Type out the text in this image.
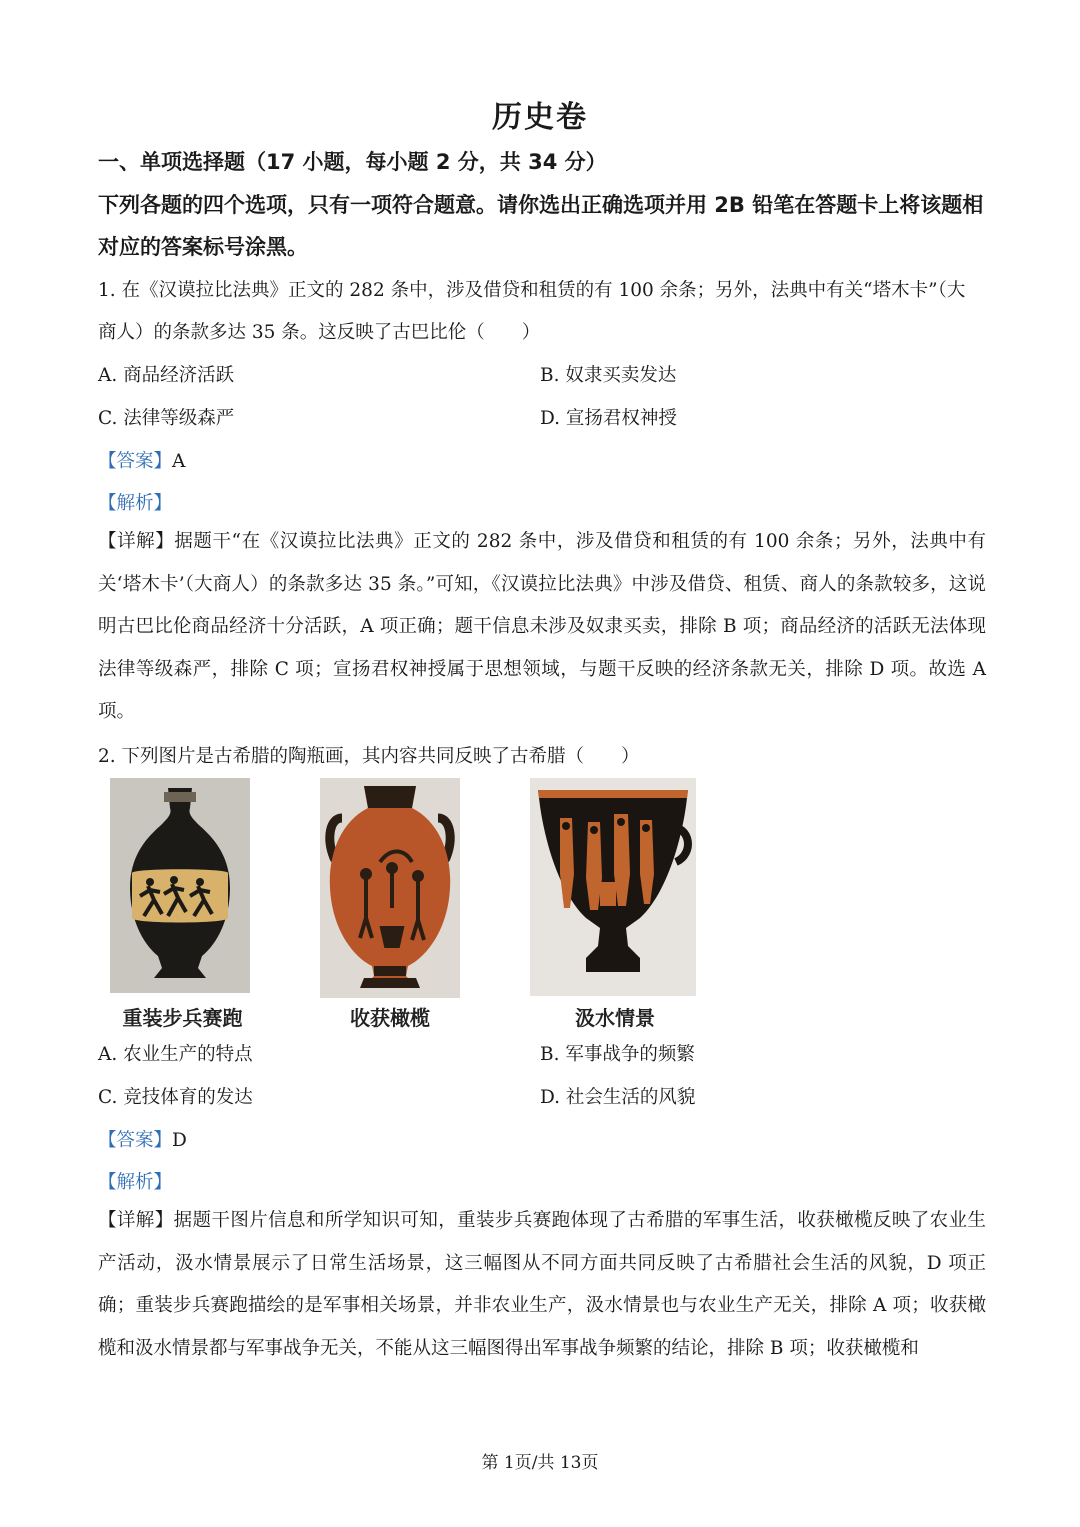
历史卷
一、单项选择题（17 小题，每小题 2 分，共 34 分）
下列各题的四个选项，只有一项符合题意。请你选出正确选项并用 2B 铅笔在答题卡上将该题相对应的答案标号涂黑。
1. 在《汉谟拉比法典》正文的 282 条中，涉及借贷和租赁的有 100 余条；另外，法典中有关“塔木卡”（大
商人）的条款多达 35 条。这反映了古巴比伦（　　）
A. 商品经济活跃	B. 奴隶买卖发达
C. 法律等级森严	D. 宣扬君权神授
【答案】A
【解析】
【详解】据题干“在《汉谟拉比法典》正文的 282 条中，涉及借贷和租赁的有 100 余条；另外，法典中有关‘塔木卡’（大商人）的条款多达 35 条。”可知，《汉谟拉比法典》中涉及借贷、租赁、商人的条款较多，这说明古巴比伦商品经济十分活跃，A 项正确；题干信息未涉及奴隶买卖，排除 B 项；商品经济的活跃无法体现法律等级森严，排除 C 项；宣扬君权神授属于思想领域，与题干反映的经济条款无关，排除 D 项。故选 A 项。
2. 下列图片是古希腊的陶瓶画，其内容共同反映了古希腊（　　）
重装步兵赛跑	收获橄榄	汲水情景
A. 农业生产的特点	B. 军事战争的频繁
C. 竞技体育的发达	D. 社会生活的风貌
【答案】D
【解析】
【详解】据题干图片信息和所学知识可知，重装步兵赛跑体现了古希腊的军事生活，收获橄榄反映了农业生产活动，汲水情景展示了日常生活场景，这三幅图从不同方面共同反映了古希腊社会生活的风貌，D 项正确；重装步兵赛跑描绘的是军事相关场景，并非农业生产，汲水情景也与农业生产无关，排除 A 项；收获橄榄和汲水情景都与军事战争无关，不能从这三幅图得出军事战争频繁的结论，排除 B 项；收获橄榄和
第 1页/共 13页
